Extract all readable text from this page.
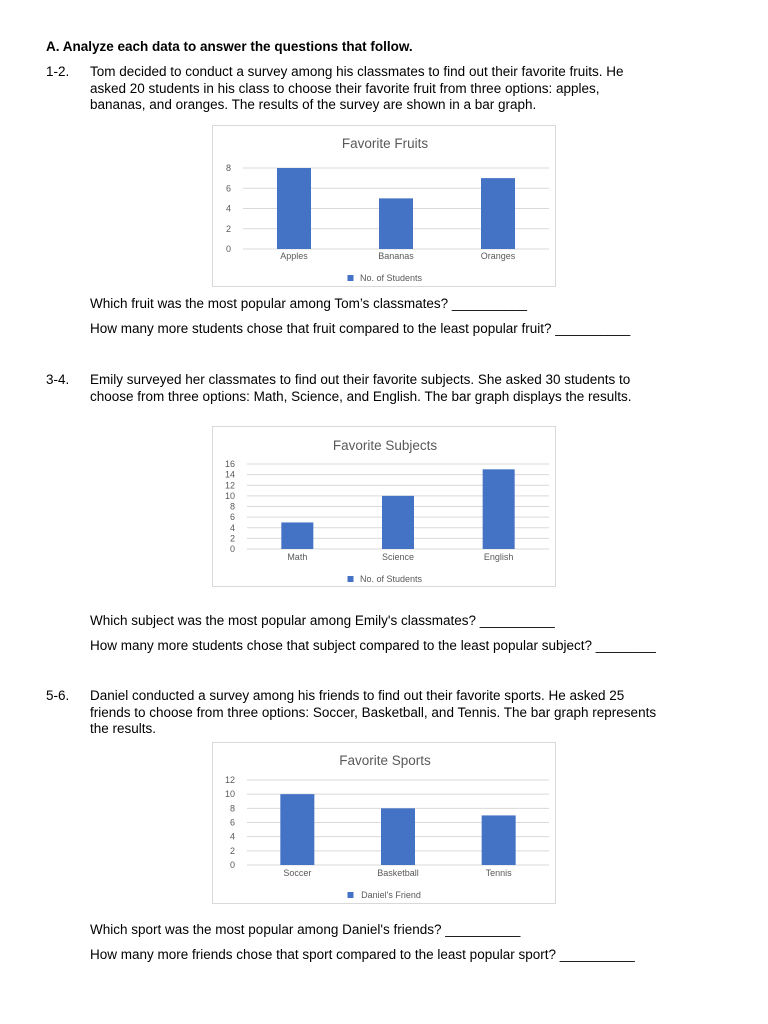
A. Analyze each data to answer the questions that follow.
1-2. Tom decided to conduct a survey among his classmates to find out their favorite fruits. He
asked 20 students in his class to choose their favorite fruit from three options: apples,
bananas, and oranges. The results of the survey are shown in a bar graph.
Favorite Fruits
0
2
4
6
8
Apples	Bananas	Oranges
No. of Students
Which fruit was the most popular among Tom’s classmates? __________
How many more students chose that fruit compared to the least popular fruit? __________
3-4. Emily surveyed her classmates to find out their favorite subjects. She asked 30 students to
choose from three options: Math, Science, and English. The bar graph displays the results.
Favorite Subjects
0
2
4
6
8
10
12
14
16
Math	Science	English
No. of Students
Which subject was the most popular among Emily's classmates? __________
How many more students chose that subject compared to the least popular subject? ________
5-6. Daniel conducted a survey among his friends to find out their favorite sports. He asked 25
friends to choose from three options: Soccer, Basketball, and Tennis. The bar graph represents
the results.
Favorite Sports
0
2
4
6
8
10
12
Soccer	Basketball	Tennis
Daniel's Friend
Which sport was the most popular among Daniel's friends? __________
How many more friends chose that sport compared to the least popular sport? __________
